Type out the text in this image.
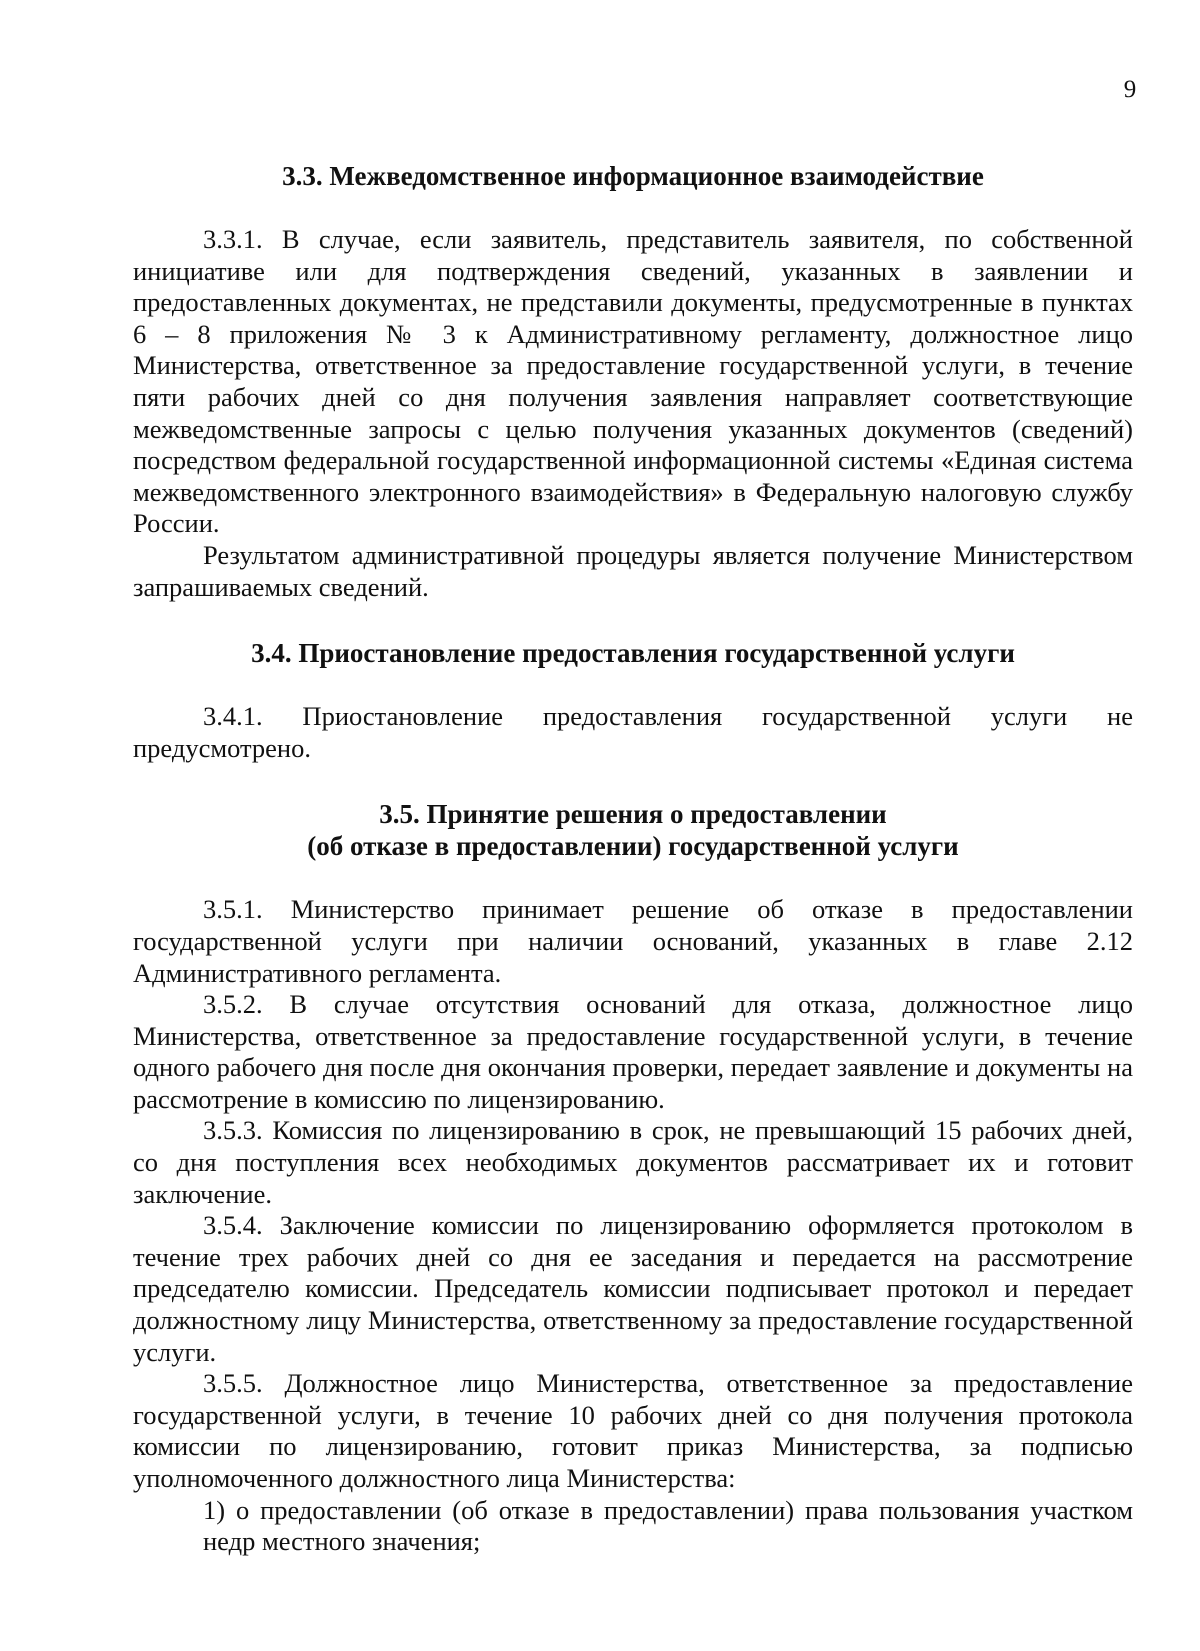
9
3.3. Межведомственное информационное взаимодействие

3.3.1. В случае, если заявитель, представитель заявителя, по собственной инициативе или для подтверждения сведений, указанных в заявлении и предоставленных документах, не представили документы, предусмотренные в пунктах 6 – 8 приложения № 3 к Административному регламенту, должностное лицо Министерства, ответственное за предоставление государственной услуги, в течение пяти рабочих дней со дня получения заявления направляет соответствующие межведомственные запросы с целью получения указанных документов (сведений) посредством федеральной государственной информационной системы «Единая система межведомственного электронного взаимодействия» в Федеральную налоговую службу России.

Результатом административной процедуры является получение Министерством запрашиваемых сведений.

3.4. Приостановление предоставления государственной услуги

3.4.1. Приостановление предоставления государственной услуги не предусмотрено.

3.5. Принятие решения о предоставлении
(об отказе в предоставлении) государственной услуги

3.5.1. Министерство принимает решение об отказе в предоставлении государственной услуги при наличии оснований, указанных в главе 2.12 Административного регламента.

3.5.2. В случае отсутствия оснований для отказа, должностное лицо Министерства, ответственное за предоставление государственной услуги, в течение одного рабочего дня после дня окончания проверки, передает заявление и документы на рассмотрение в комиссию по лицензированию.

3.5.3. Комиссия по лицензированию в срок, не превышающий 15 рабочих дней, со дня поступления всех необходимых документов рассматривает их и готовит заключение.

3.5.4. Заключение комиссии по лицензированию оформляется протоколом в течение трех рабочих дней со дня ее заседания и передается на рассмотрение председателю комиссии. Председатель комиссии подписывает протокол и передает должностному лицу Министерства, ответственному за предоставление государственной услуги.

3.5.5. Должностное лицо Министерства, ответственное за предоставление государственной услуги, в течение 10 рабочих дней со дня получения протокола комиссии по лицензированию, готовит приказ Министерства, за подписью уполномоченного должностного лица Министерства:

1) о предоставлении (об отказе в предоставлении) права пользования участком недр местного значения;
